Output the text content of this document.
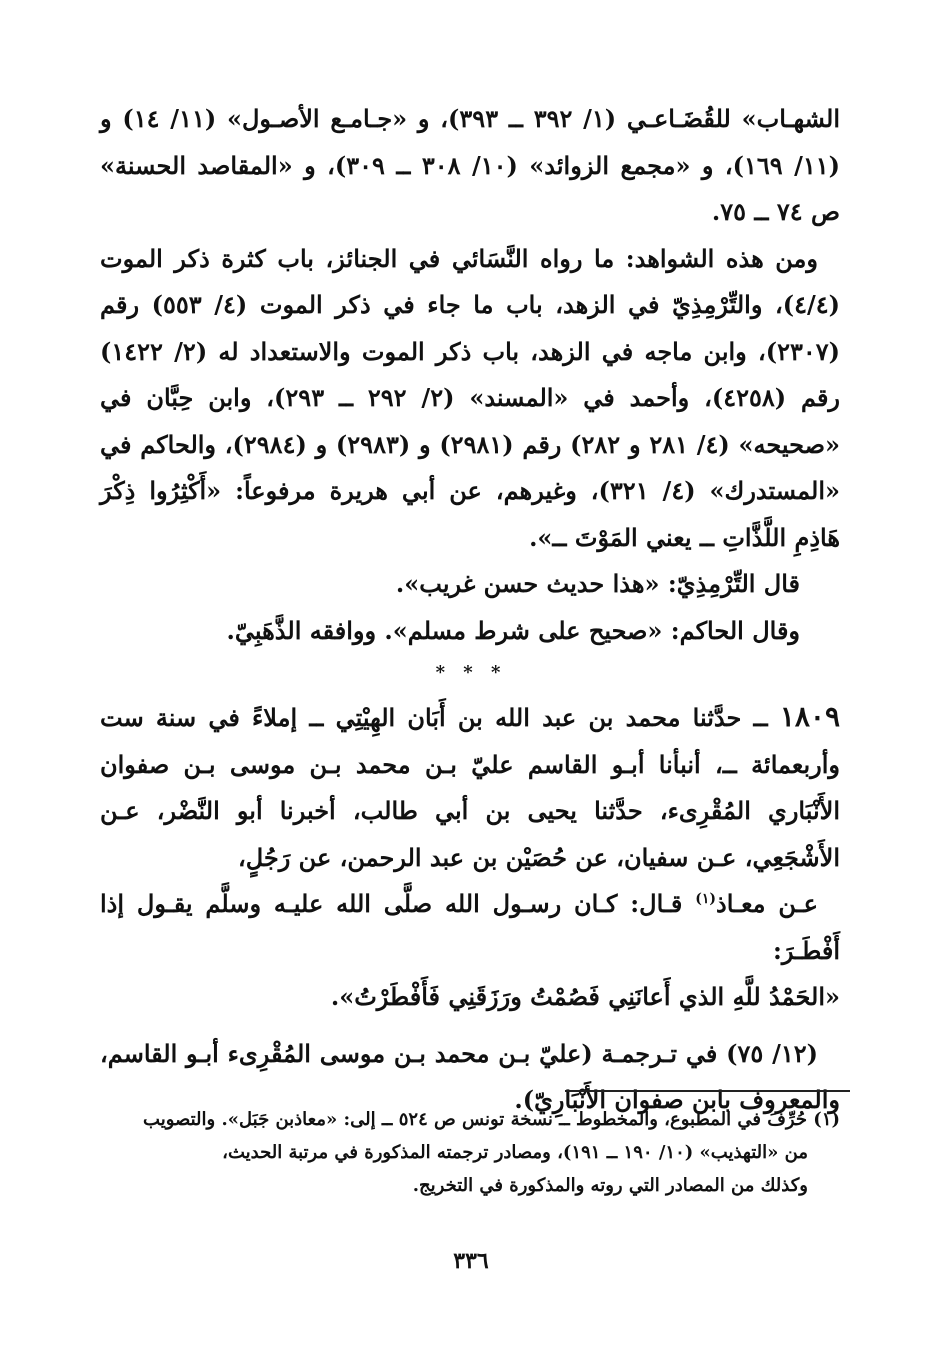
الشهـاب» للقُضَـاعـي (١/ ٣٩٢ ــ ٣٩٣)، و «جـامـع الأصـول» (١١/ ١٤) و (١١/ ١٦٩)، و «مجمع الزوائد» (١٠/ ٣٠٨ ــ ٣٠٩)، و «المقاصد الحسنة» ص ٧٤ ــ ٧٥.

ومن هذه الشواهد: ما رواه النَّسَائي في الجنائز، باب كثرة ذكر الموت (٤/٤)، والتِّرْمِذِيّ في الزهد، باب ما جاء في ذكر الموت (٤/ ٥٥٣) رقم (٢٣٠٧)، وابن ماجه في الزهد، باب ذكر الموت والاستعداد له (٢/ ١٤٢٢) رقم (٤٢٥٨)، وأحمد في «المسند» (٢/ ٢٩٢ ــ ٢٩٣)، وابن حِبَّان في «صحيحه» (٤/ ٢٨١ و ٢٨٢) رقم (٢٩٨١) و (٢٩٨٣) و (٢٩٨٤)، والحاكم في «المستدرك» (٤/ ٣٢١)، وغيرهم، عن أبي هريرة مرفوعاً: «أَكْثِرُوا ذِكْرَ هَاذِمِ اللَّذَّاتِ ــ يعني المَوْتَ ــ».

قال التِّرْمِذِيّ: «هذا حديث حسن غريب».

وقال الحاكم: «صحيح على شرط مسلم». ووافقه الذَّهَبِيّ.

* * *

١٨٠٩ ــ حدَّثنا محمد بن عبد الله بن أَبَان الهِيْتِي ــ إملاءً في سنة ست وأربعمائة ــ، أنبأنا أبـو القاسم عليّ بـن محمد بـن موسى بـن صفوان الأَنْبَاري المُقْرِىء، حدَّثنا يحيى بن أبي طالب، أخبرنا أبو النَّضْر، عـن الأَشْجَعِي، عـن سفيان، عن حُصَيْن بن عبد الرحمن، عن رَجُلٍ،

عـن معـاذ$^{(١)}$ قـال: كـان رسـول الله صلَّى الله عليـه وسلَّم يقـول إذا أَفْطَـرَ:

«الحَمْدُ للَّهِ الذي أَعانَنِي فَصُمْتُ ورَزَقَنِي فَأَفْطَرْتُ».

(١٢/ ٧٥) في تـرجمـة (عليّ بـن محمد بـن موسى المُقْرِىء أبـو القاسم، والمعروف بابن صفوان الأَنْبَارِيّ).

(١) حُرِّفَ في المطبوع، والمخطوط ــ نسخة تونس ص ٥٢٤ ــ إلى: «معاذبن جَبَل». والتصويب

من «التهذيب» (١٠/ ١٩٠ ــ ١٩١)، ومصادر ترجمته المذكورة في مرتبة الحديث،

وكذلك من المصادر التي روته والمذكورة في التخريج.

٣٣٦
